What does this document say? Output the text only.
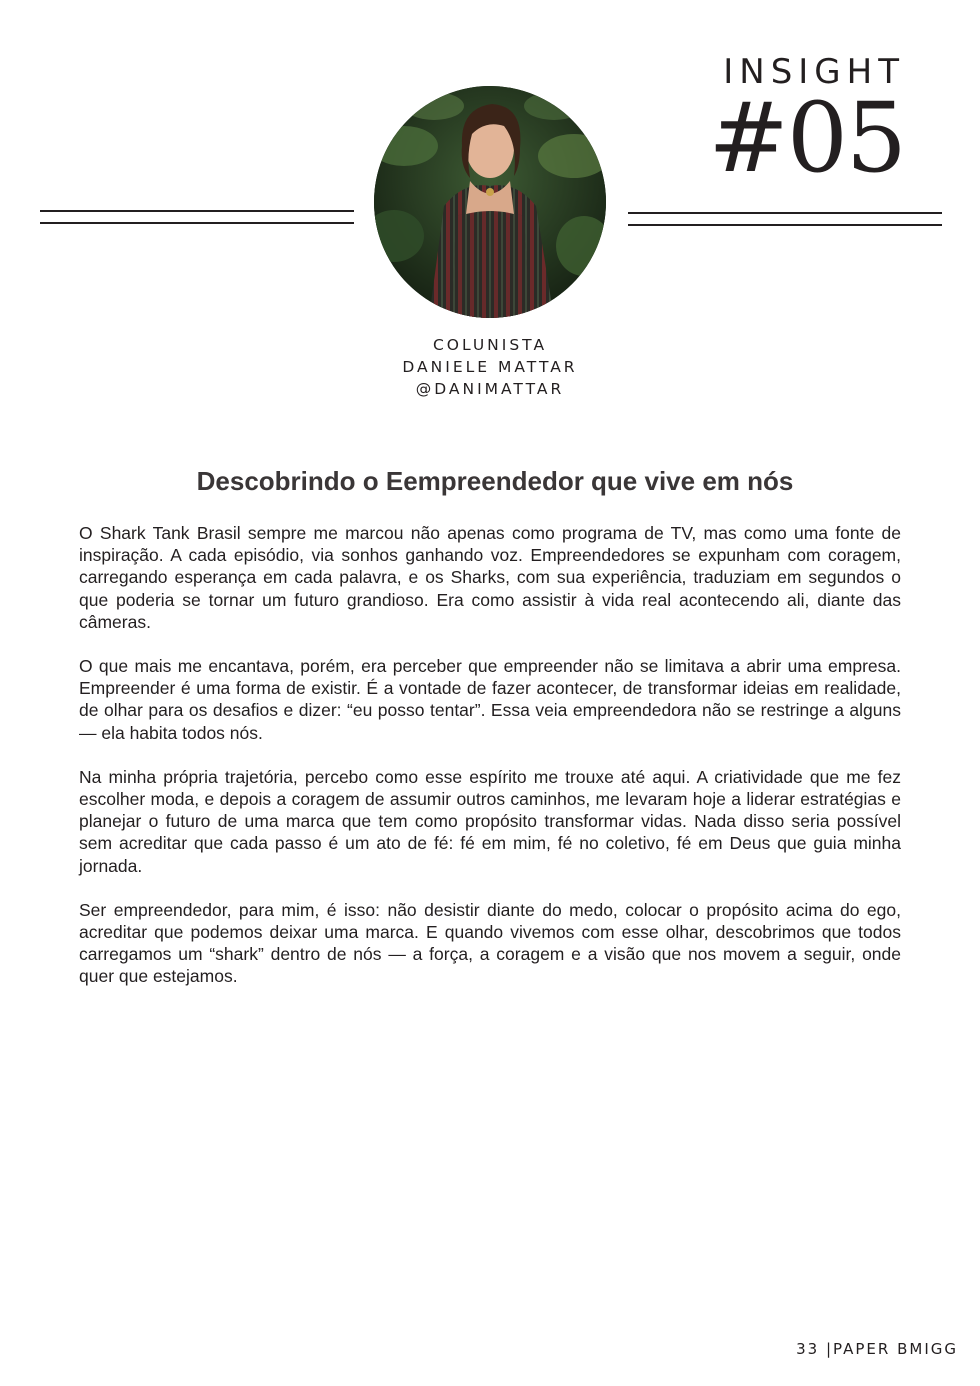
INSIGHT
#05
COLUNISTA
DANIELE MATTAR
@DANIMATTAR
Descobrindo o Eempreendedor que vive em nós

O Shark Tank Brasil sempre me marcou não apenas como programa de TV, mas como uma fonte de inspiração. A cada episódio, via sonhos ganhando voz. Empreendedores se expunham com coragem, carregando esperança em cada palavra, e os Sharks, com sua experiência, traduziam em segundos o que poderia se tornar um futuro grandioso. Era como assistir à vida real acontecendo ali, diante das câmeras.

O que mais me encantava, porém, era perceber que empreender não se limitava a abrir uma empresa. Empreender é uma forma de existir. É a vontade de fazer acontecer, de transformar ideias em realidade, de olhar para os desafios e dizer: “eu posso tentar”. Essa veia empreendedora não se restringe a alguns — ela habita todos nós.

Na minha própria trajetória, percebo como esse espírito me trouxe até aqui. A criatividade que me fez escolher moda, e depois a coragem de assumir outros caminhos, me levaram hoje a liderar estratégias e planejar o futuro de uma marca que tem como propósito transformar vidas. Nada disso seria possível sem acreditar que cada passo é um ato de fé: fé em mim, fé no coletivo, fé em Deus que guia minha jornada.

Ser empreendedor, para mim, é isso: não desistir diante do medo, colocar o propósito acima do ego, acreditar que podemos deixar uma marca. E quando vivemos com esse olhar, descobrimos que todos carregamos um “shark” dentro de nós — a força, a coragem e a visão que nos movem a seguir, onde quer que estejamos.

33 |PAPER BMIGG
